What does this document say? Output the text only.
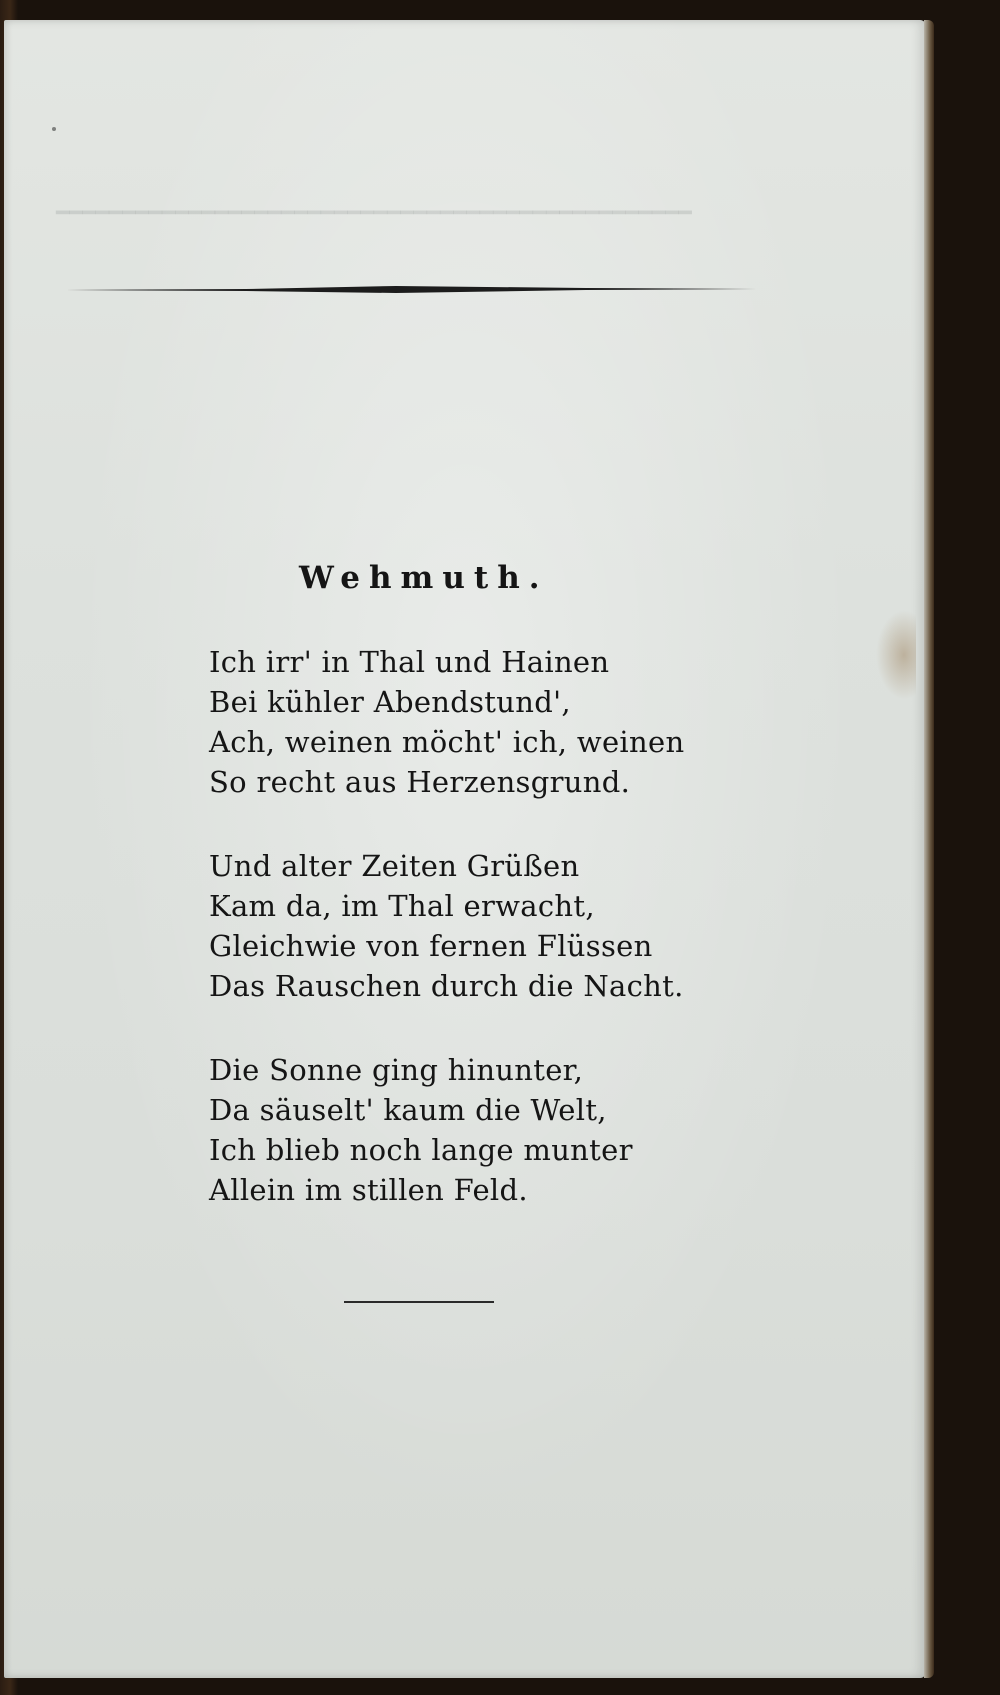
━━━━━━━━━━━━━━━━━━━━━━━━━━━━━━━━━━━━━━━━━━━━━━━━
Wehmuth.
Ich irr' in Thal und Hainen
Bei kühler Abendstund',
Ach, weinen möcht' ich, weinen
So recht aus Herzensgrund.
Und alter Zeiten Grüßen
Kam da, im Thal erwacht,
Gleichwie von fernen Flüssen
Das Rauschen durch die Nacht.
Die Sonne ging hinunter,
Da säuselt' kaum die Welt,
Ich blieb noch lange munter
Allein im stillen Feld.
